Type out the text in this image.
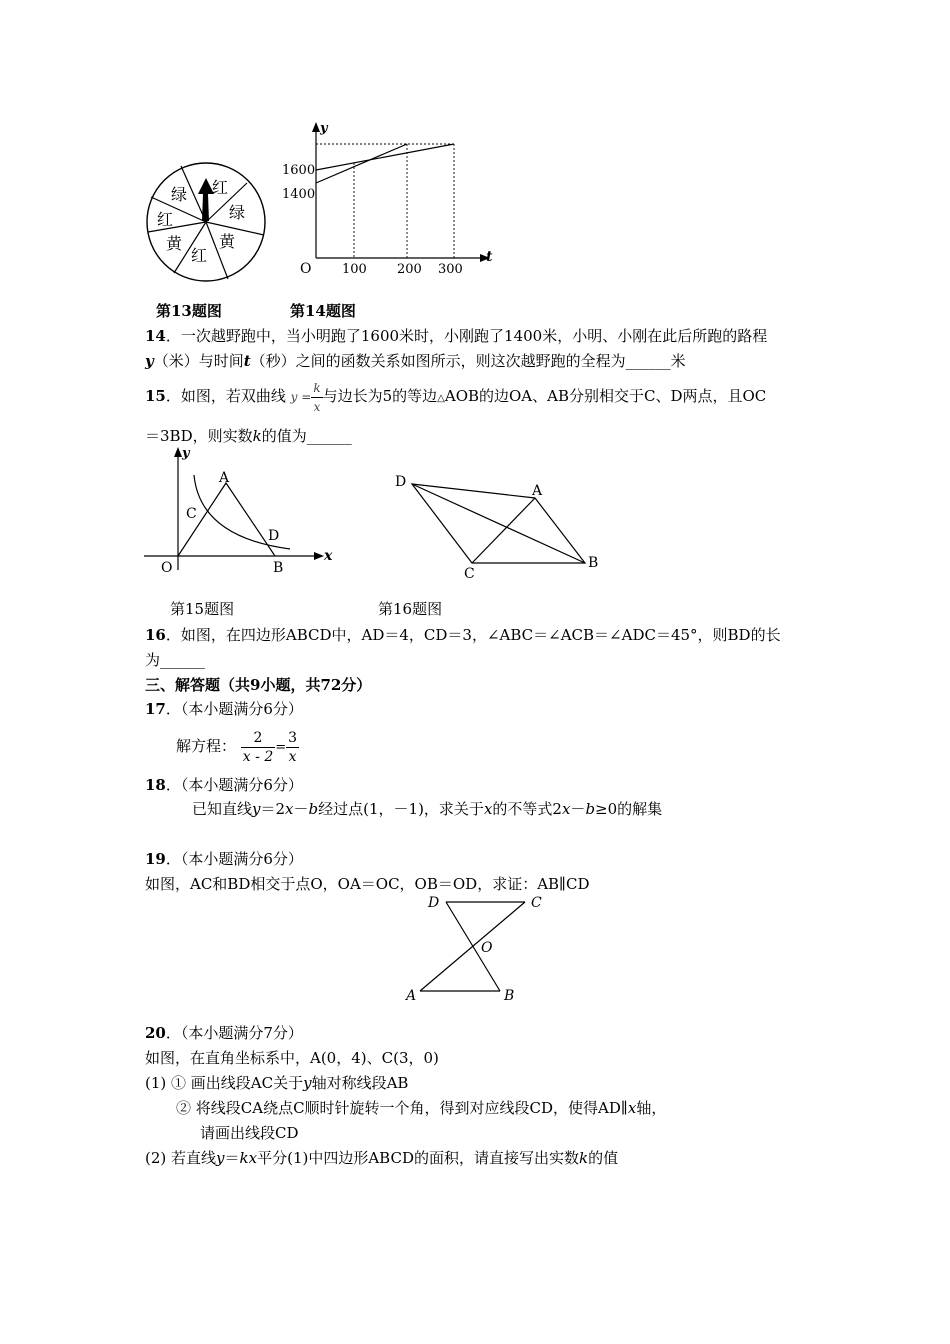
绿 红
绿
黄
红
黄
红
y
t
O
1600
1400
100 200 300
第13题图	第14题图
14．一次越野跑中，当小明跑了1600米时，小刚跑了1400米，小明、小刚在此后所跑的路程
y（米）与时间t（秒）之间的函数关系如图所示，则这次越野跑的全程为______米
15．如图，若双曲线 $y = \frac{k}{x}$ 与边长为5的等边△AOB的边OA、AB分别相交于C、D两点，且OC
＝3BD，则实数k的值为______
x
y
A
C
D
O	B
D
A
C
B
第15题图	第16题图
16．如图，在四边形ABCD中，AD＝4，CD＝3，∠ABC＝∠ACB＝∠ADC＝45°，则BD的长
为______
三、解答题（共9小题，共72分）
17．（本小题满分6分）
解方程： $\frac{2}{x - 2} = \frac{3}{x}$
18．（本小题满分6分）
已知直线y＝2x－b经过点(1，－1)，求关于x的不等式2x－b≥0的解集
19．（本小题满分6分）
如图，AC和BD相交于点O，OA＝OC，OB＝OD，求证：AB∥CD
D	C
O
A	B
20．（本小题满分7分）
如图，在直角坐标系中，A(0，4)、C(3，0)
(1) ① 画出线段AC关于y轴对称线段AB
② 将线段CA绕点C顺时针旋转一个角，得到对应线段CD，使得AD∥x轴，
请画出线段CD
(2) 若直线y＝kx平分(1)中四边形ABCD的面积，请直接写出实数k的值
